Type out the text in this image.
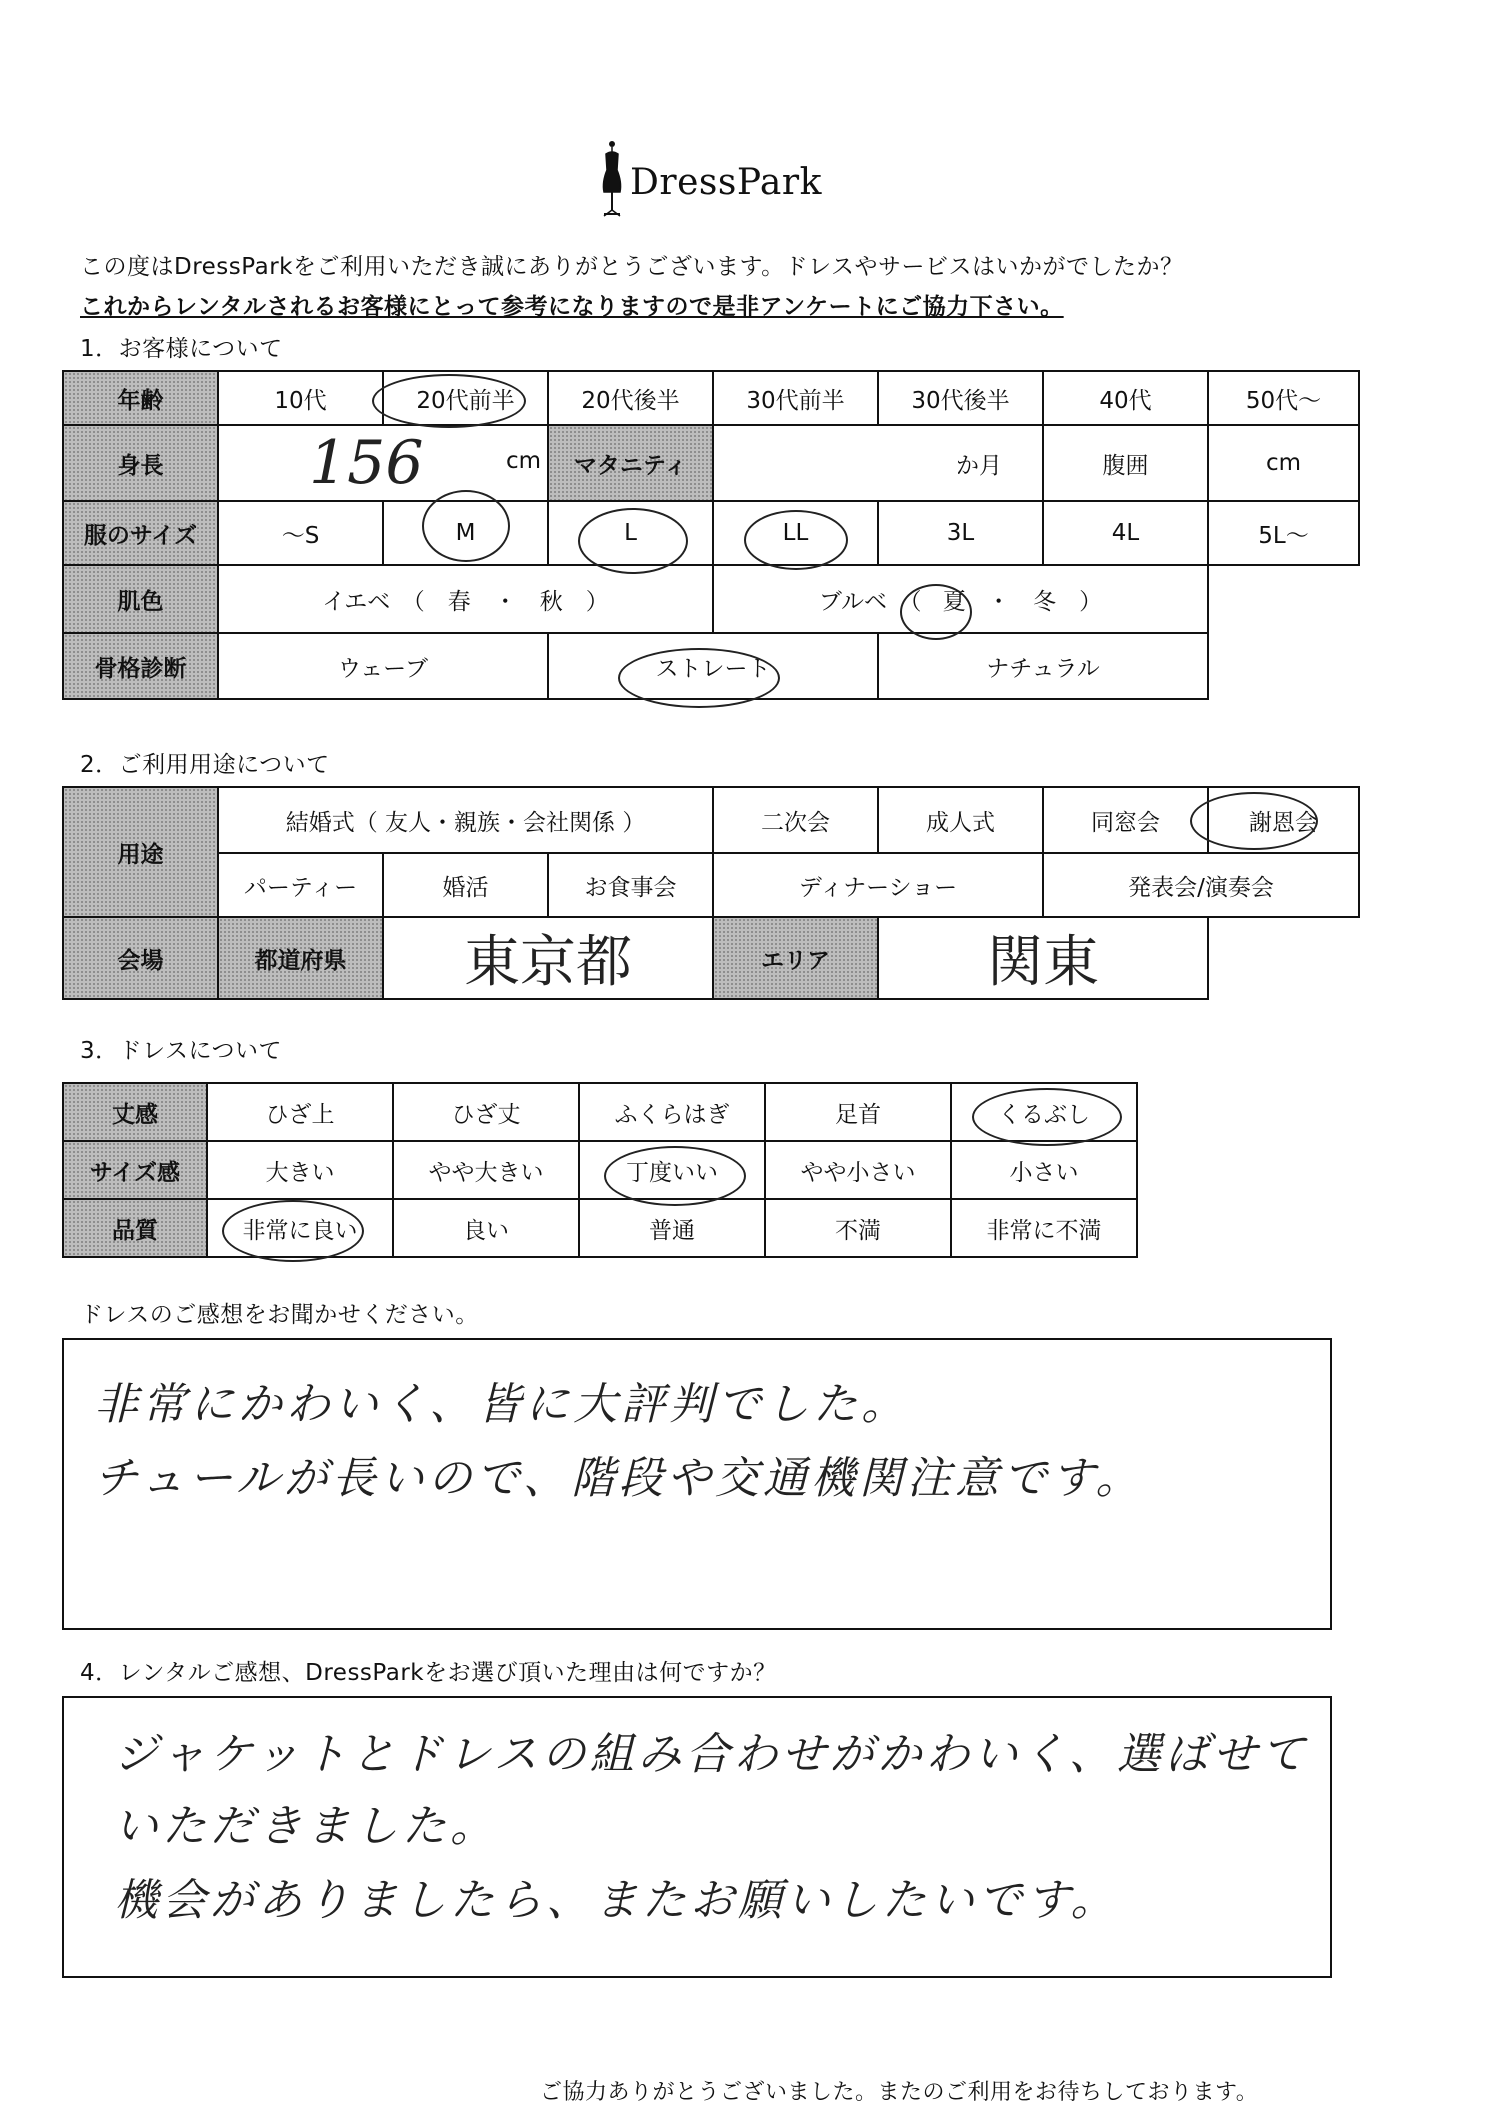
DressPark
この度はDressParkをご利用いただき誠にありがとうございます。ドレスやサービスはいかがでしたか？
これからレンタルされるお客様にとって参考になりますので是非アンケートにご協力下さい。
1．お客様について
年齢	10代	20代前半	20代後半	30代前半	30代後半	40代	50代～
身長	156 cm		マタニティ	か月		腹囲	cm
服のサイズ	～S	M	L	LL	3L	4L	5L～
肌色	イエベ　（　春　・　秋　）			ブルベ　（ 夏 ・　冬　）			
骨格診断	ウェーブ		ストレート		ナチュラル		
2．ご利用用途について
用途	結婚式（ 友人・親族・会社関係 ）			二次会	成人式	同窓会	謝恩会
	パーティー	婚活	お食事会	ディナーショー		発表会/演奏会	
会場	都道府県	東京都		エリア	関東		
3．ドレスについて
丈感	ひざ上	ひざ丈	ふくらはぎ	足首	くるぶし
サイズ感	大きい	やや大きい	丁度いい	やや小さい	小さい
品質	非常に良い	良い	普通	不満	非常に不満
ドレスのご感想をお聞かせください。
非常にかわいく、皆に大評判でした。
チュールが長いので、階段や交通機関注意です。
4．レンタルご感想、DressParkをお選び頂いた理由は何ですか？
ジャケットとドレスの組み合わせがかわいく、選ばせて
いただきました。
機会がありましたら、またお願いしたいです。
ご協力ありがとうございました。またのご利用をお待ちしております。
